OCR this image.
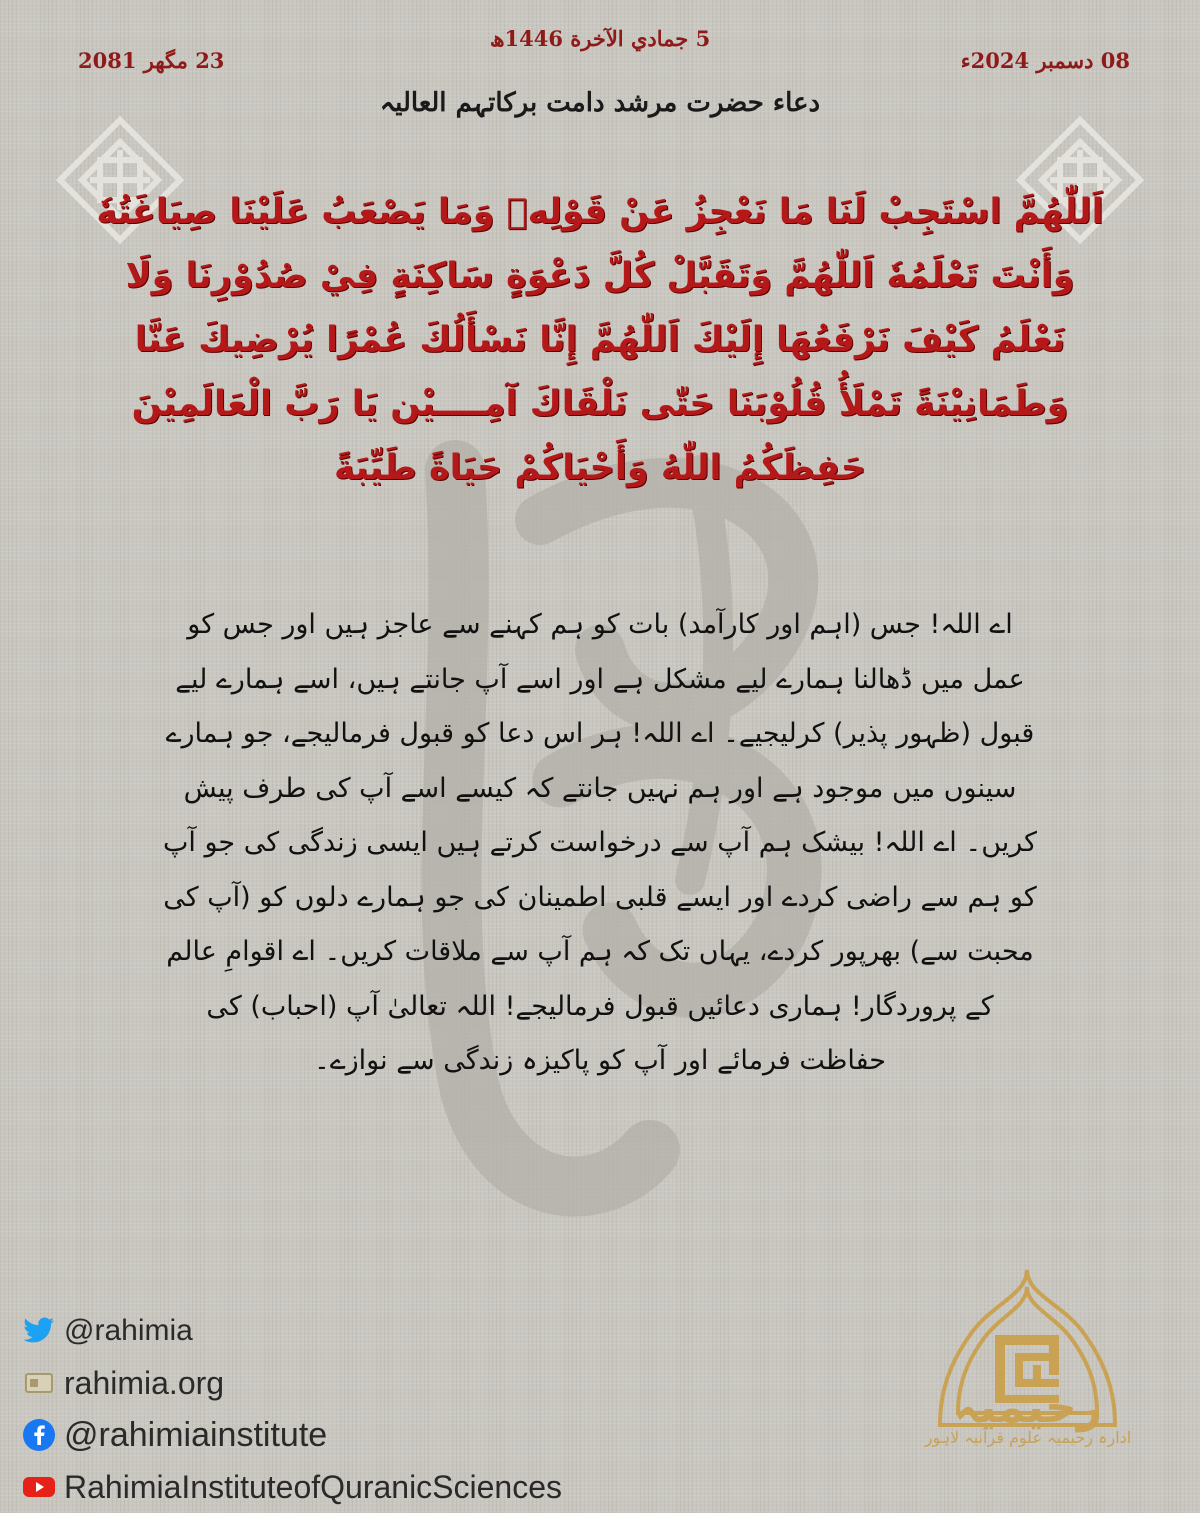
5 جمادي الآخرة 1446ھ
08 دسمبر 2024ء
23 مگھر 2081
دعاء حضرت مرشد دامت برکاتہم العالیہ
اَللّٰهُمَّ اسْتَجِبْ لَنَا مَا نَعْجِزُ عَنْ قَوْلِهٖ وَمَا يَصْعَبُ عَلَيْنَا صِيَاغَتُهٗ وَأَنْتَ تَعْلَمُهٗ اَللّٰهُمَّ وَتَقَبَّلْ كُلَّ دَعْوَةٍ سَاكِنَةٍ فِيْ صُدُوْرِنَا وَلَا نَعْلَمُ كَيْفَ نَرْفَعُهَا إِلَيْكَ اَللّٰهُمَّ إِنَّا نَسْأَلُكَ عُمْرًا يُرْضِيكَ عَنَّا وَطَمَانِيْنَةً تَمْلَأُ قُلُوْبَنَا حَتّٰى نَلْقَاكَ آمِــــيْن يَا رَبَّ الْعَالَمِيْنَ حَفِظَكُمُ اللّٰهُ وَأَحْيَاكُمْ حَيَاةً طَيِّبَةً
اے اللہ! جس (اہم اور کارآمد) بات کو ہم کہنے سے عاجز ہیں اور جس کو عمل میں ڈھالنا ہمارے لیے مشکل ہے اور اسے آپ جانتے ہیں، اسے ہمارے لیے قبول (ظہور پذیر) کرلیجیے۔ اے اللہ! ہر اس دعا کو قبول فرمالیجے، جو ہمارے سینوں میں موجود ہے اور ہم نہیں جانتے کہ کیسے اسے آپ کی طرف پیش کریں۔ اے اللہ! بیشک ہم آپ سے درخواست کرتے ہیں ایسی زندگی کی جو آپ کو ہم سے راضی کردے اور ایسے قلبی اطمینان کی جو ہمارے دلوں کو (آپ کی محبت سے) بھرپور کردے، یہاں تک کہ ہم آپ سے ملاقات کریں۔ اے اقوامِ عالم کے پروردگار! ہماری دعائیں قبول فرمالیجے! اللہ تعالیٰ آپ (احباب) کی حفاظت فرمائے اور آپ کو پاکیزہ زندگی سے نوازے۔
@rahimia
rahimia.org
@rahimiainstitute
RahimiaInstituteofQuranicSciences
رحیمیہ
ادارہ رحیمیہ علوم قرآنیہ لاہور
